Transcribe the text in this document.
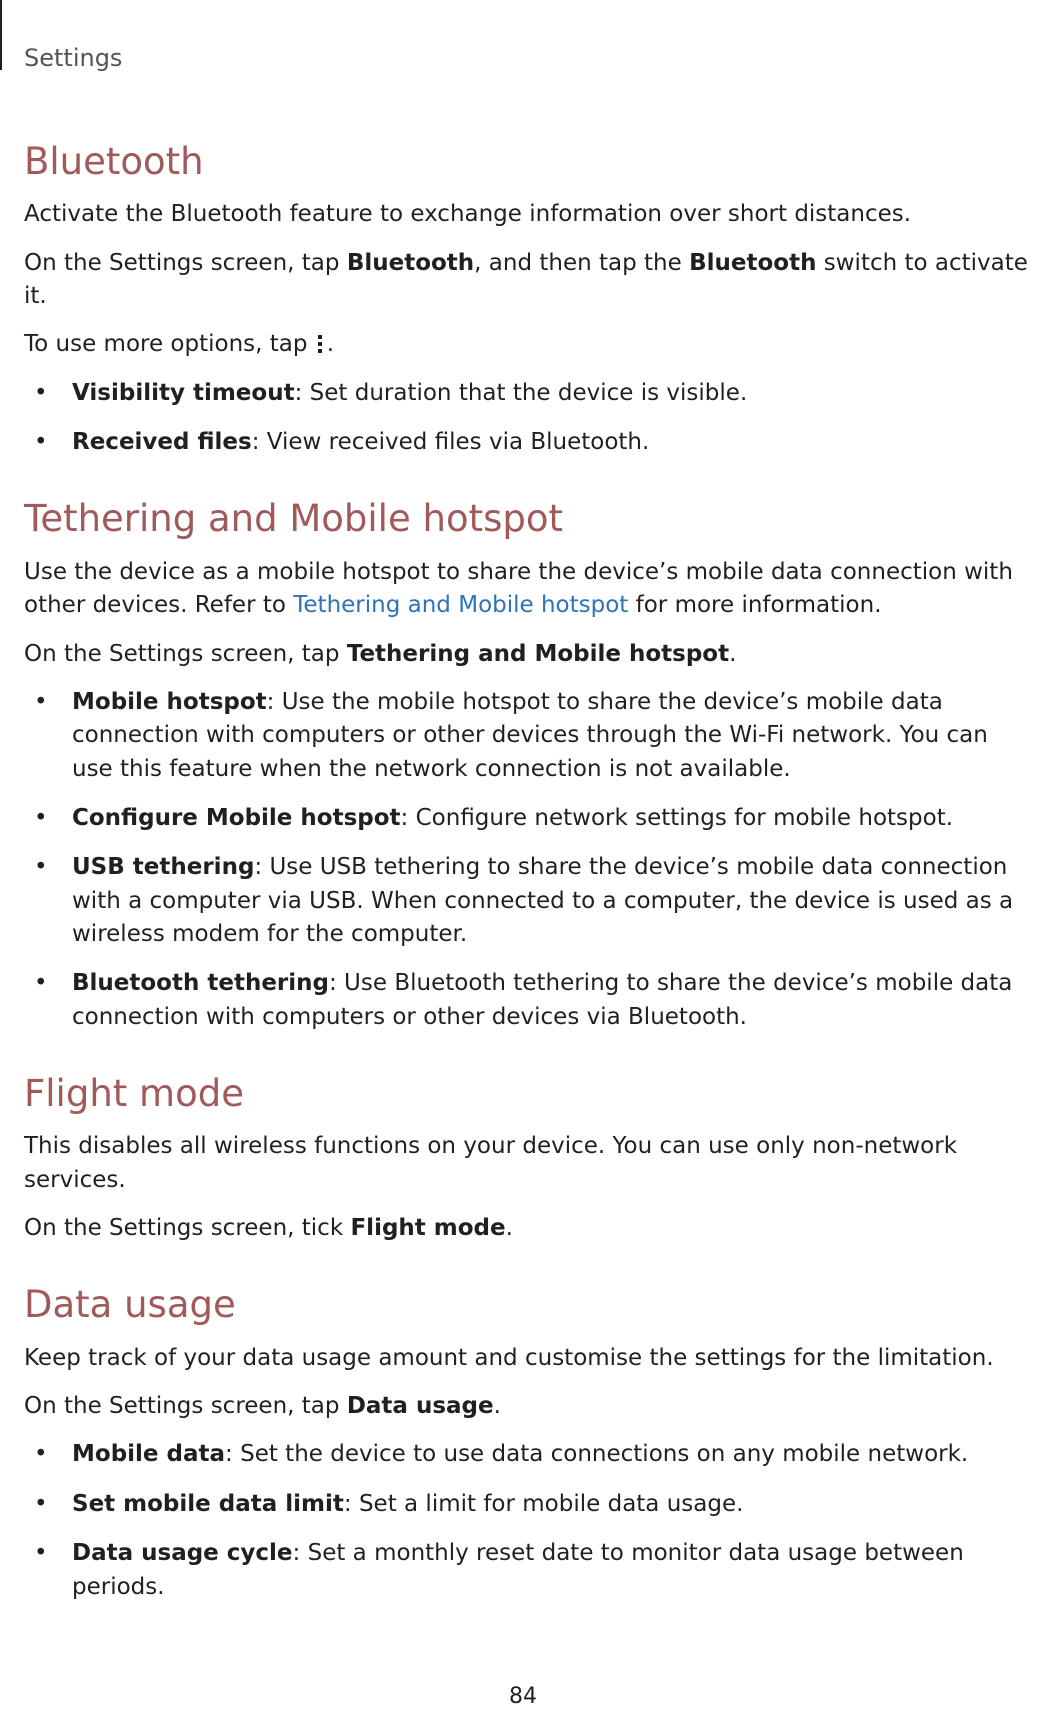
Settings
Bluetooth

Activate the Bluetooth feature to exchange information over short distances.

On the Settings screen, tap Bluetooth, and then tap the Bluetooth switch to activate it.

To use more options, tap .

• Visibility timeout: Set duration that the device is visible.
• Received files: View received files via Bluetooth.
Tethering and Mobile hotspot

Use the device as a mobile hotspot to share the device’s mobile data connection with other devices. Refer to Tethering and Mobile hotspot for more information.

On the Settings screen, tap Tethering and Mobile hotspot.

• Mobile hotspot: Use the mobile hotspot to share the device’s mobile data connection with computers or other devices through the Wi-Fi network. You can use this feature when the network connection is not available.
• Configure Mobile hotspot: Configure network settings for mobile hotspot.
• USB tethering: Use USB tethering to share the device’s mobile data connection with a computer via USB. When connected to a computer, the device is used as a wireless modem for the computer.
• Bluetooth tethering: Use Bluetooth tethering to share the device’s mobile data connection with computers or other devices via Bluetooth.
Flight mode

This disables all wireless functions on your device. You can use only non-network services.

On the Settings screen, tick Flight mode.

Data usage

Keep track of your data usage amount and customise the settings for the limitation.

On the Settings screen, tap Data usage.

• Mobile data: Set the device to use data connections on any mobile network.
• Set mobile data limit: Set a limit for mobile data usage.
• Data usage cycle: Set a monthly reset date to monitor data usage between periods.
84
